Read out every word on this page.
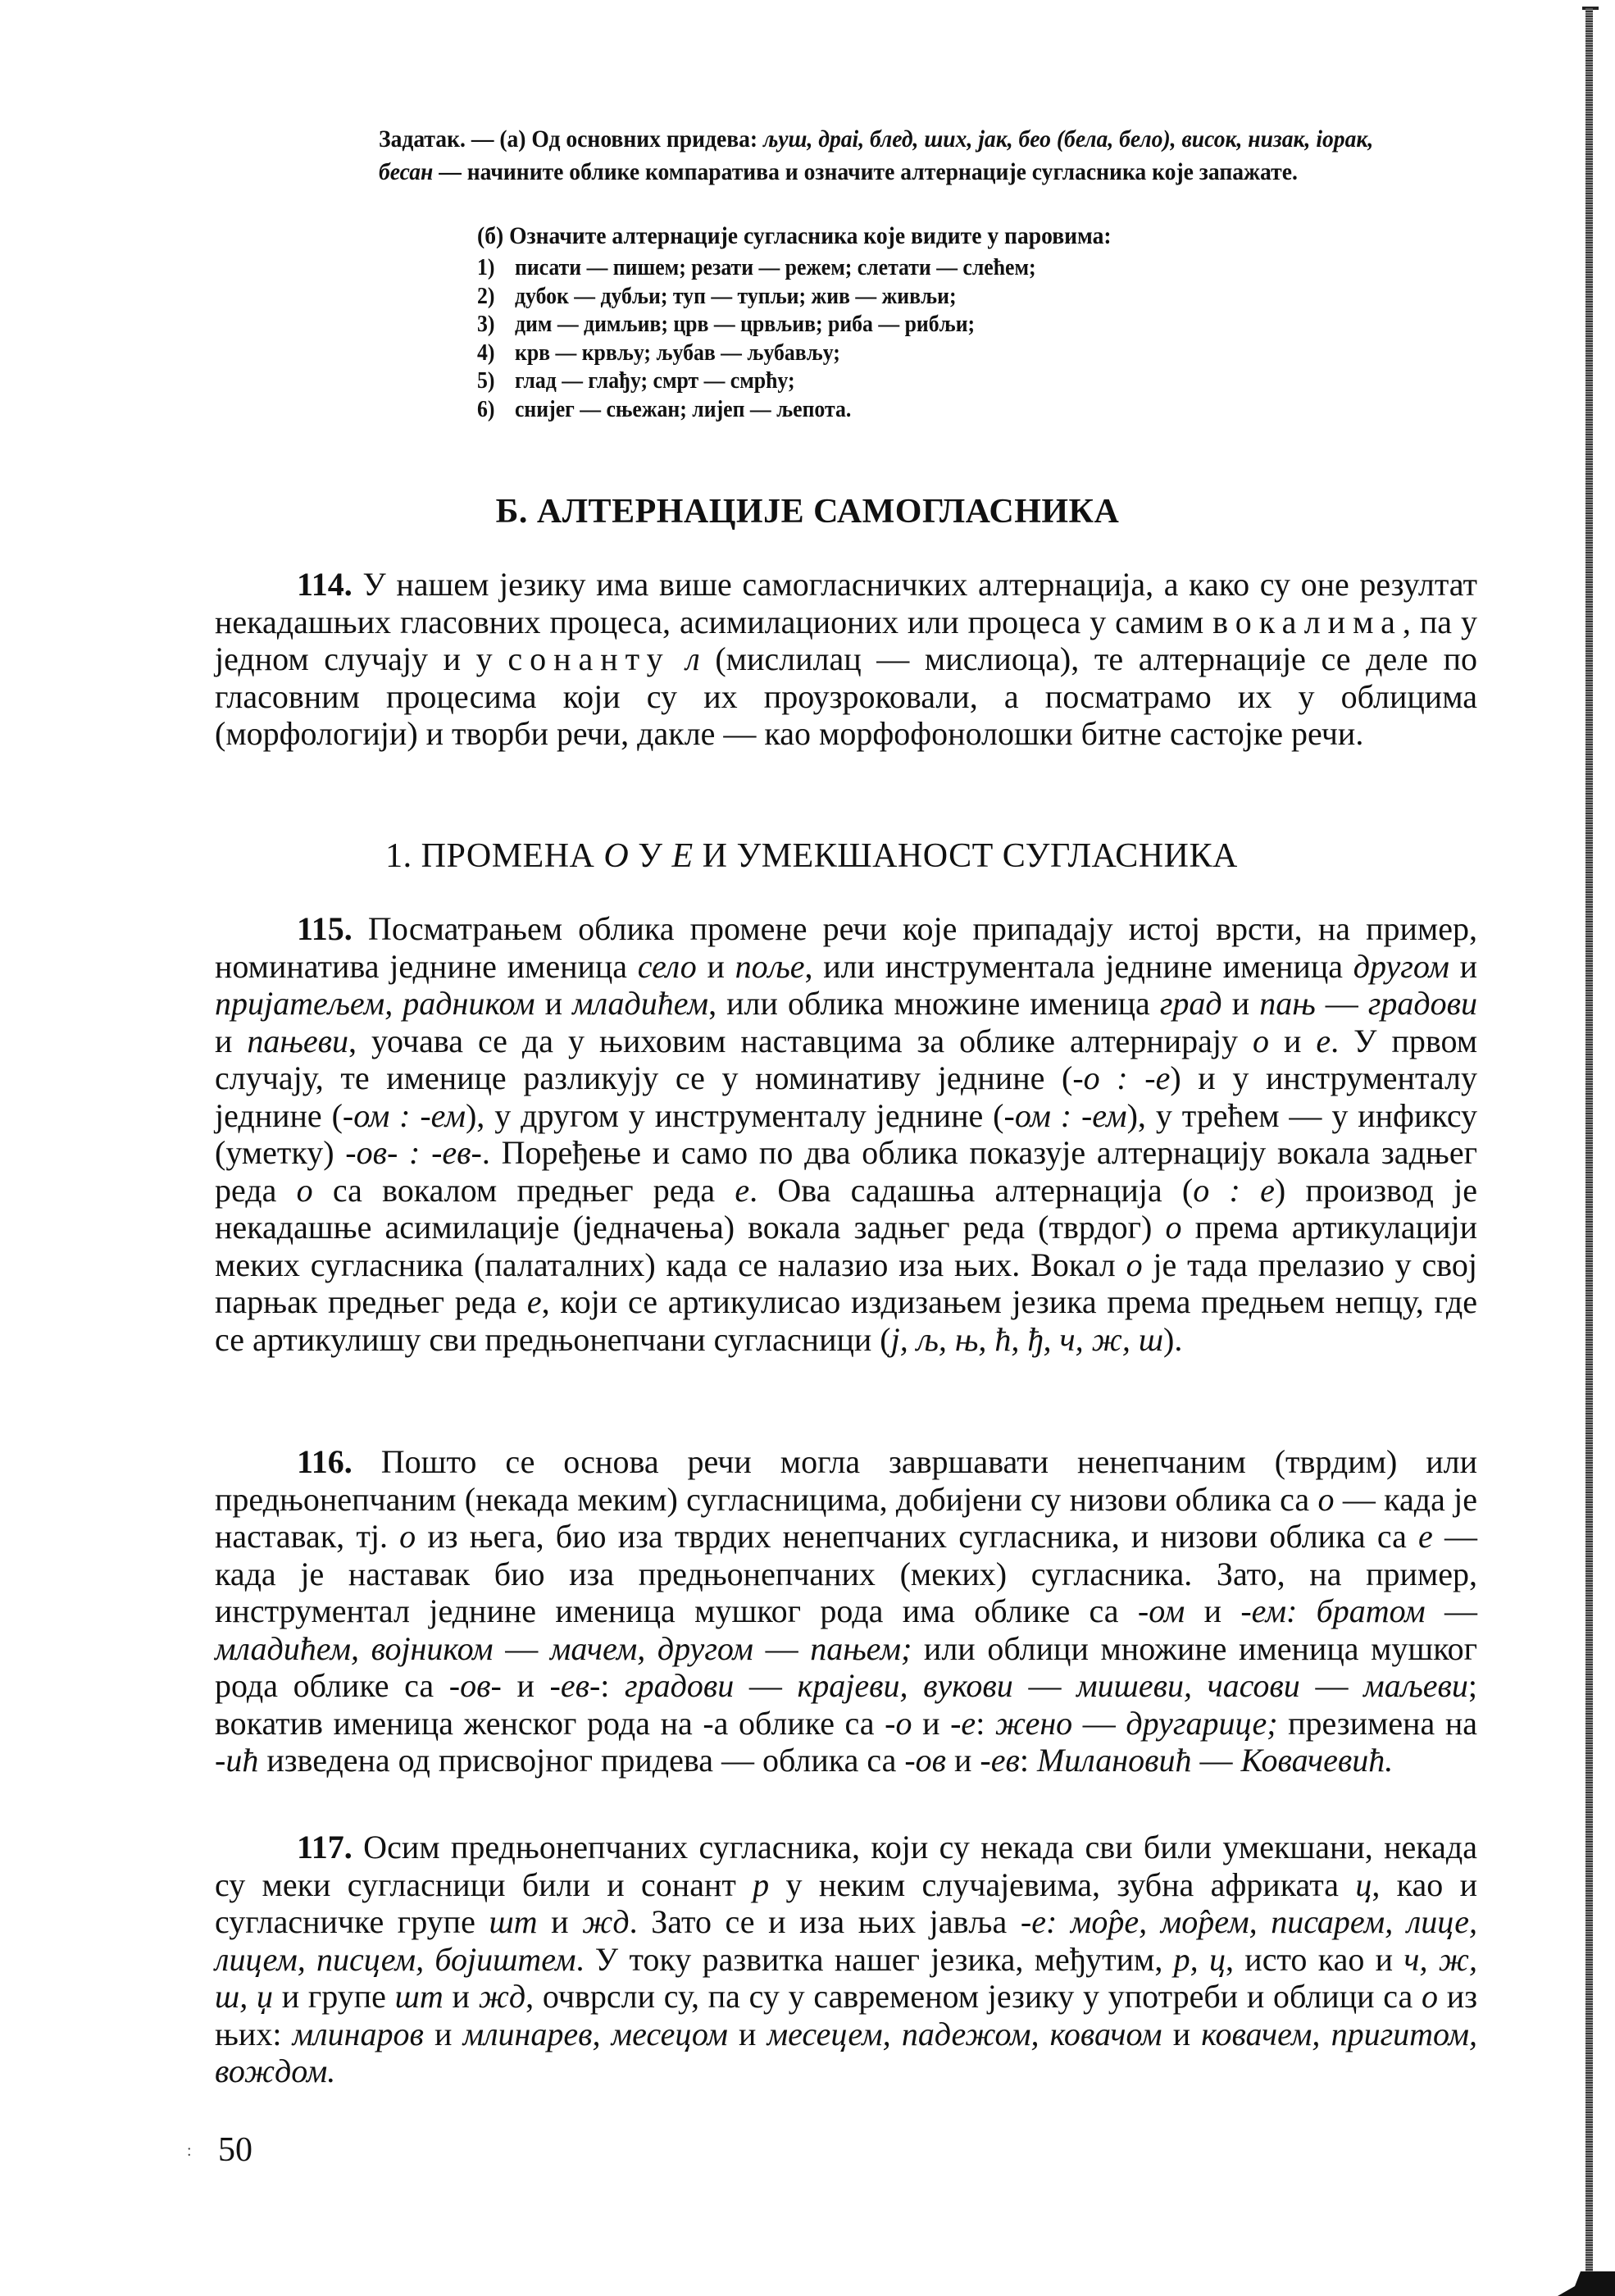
Задатак. — (а) Од основних придева: љуш, драі, блед, ших, јак, бео (бела, бело), висок, низак, іорак, бесан — начините облике компаратива и означите алтернације сугласника које запажате.
(б) Означите алтернације сугласника које видите у паровима:
1) писати — пишем; резати — режем; слетати — слећем;
2) дубок — дубљи; туп — тупљи; жив — живљи;
3) дим — димљив; црв — црвљив; риба — рибљи;
4) крв — крвљу; љубав — љубављу;
5) глад — глађу; смрт — смрћу;
6) снијег — сњежан; лијеп — љепота.
Б. АЛТЕРНАЦИЈЕ САМОГЛАСНИКА
1. ПРОМЕНА О У Е И УМЕКШАНОСТ СУГЛАСНИКА
114. У нашем језику има више самогласничких алтернација, а како су оне резултат некадашњих гласовних процеса, асимилационих или процеса у самим вокалима, па у једном случају и у сонанту л (мислилац — мислиоца), те алтернације се деле по гласовним процесима који су их проузроковали, а посматрамо их у облицима (морфологији) и творби речи, дакле — као морфофонолошки битне састојке речи.
115. Посматрањем облика промене речи које припадају истој врсти, на пример, номинатива једнине именица село и поље, или инструментала једнине именица другом и пријатељем, радником и младићем, или облика множине именица град и пањ — градови и пањеви, уочава се да у њиховим наставцима за облике алтернирају о и е. У првом случају, те именице разликују се у номинативу једнине (-о : -е) и у инструменталу једнине (-ом : -ем), у другом у инструменталу једнине (-ом : -ем), у трећем — у инфиксу (уметку) -ов- : -ев-. Поређење и само по два облика показује алтернацију вокала задњег реда о са вокалом предњег реда е. Ова садашња алтернација (о : е) производ је некадашње асимилације (једначења) вокала задњег реда (тврдог) о према артикулацији меких сугласника (палаталних) када се налазио иза њих. Вокал о је тада прелазио у свој парњак предњег реда е, који се артикулисао издизањем језика према предњем непцу, где се артикулишу сви предњонепчани сугласници (ј, љ, њ, ћ, ђ, ч, ж, ш).
116. Пошто се основа речи могла завршавати ненепчаним (тврдим) или предњонепчаним (некада меким) сугласницима, добијени су низови облика са о — када је наставак, тј. о из њега, био иза тврдих ненепчаних сугласника, и низови облика са е — када је наставак био иза предњонепчаних (меких) сугласника. Зато, на пример, инструментал једнине именица мушког рода има облике са -ом и -ем: братом — младићем, војником — мачем, другом — пањем; или облици множине именица мушког рода облике са -ов- и -ев-: градови — крајеви, вукови — мишеви, часови — маљеви; вокатив именица женског рода на -а облике са -о и -е: жено — другарице; презимена на -ић изведена од присвојног придева — облика са -ов и -ев: Милановић — Ковачевић.
117. Осим предњонепчаних сугласника, који су некада сви били умекшани, некада су меки сугласници били и сонант р у неким случајевима, зубна африката ц, као и сугласничке групе шт и жд. Зато се и иза њих јавља -е: мо̂ре, мо̂рем, писарем, лице, лицем, писцем, бојиштем. У току развитка нашег језика, међутим, р, ц, исто као и ч, ж, ш, џ и групе шт и жд, очврсли су, па су у савременом језику у употреби и облици са о из њих: млинаров и млинарев, месецом и месецем, падежом, ковачом и ковачем, пригитом, вождом.
: 50
